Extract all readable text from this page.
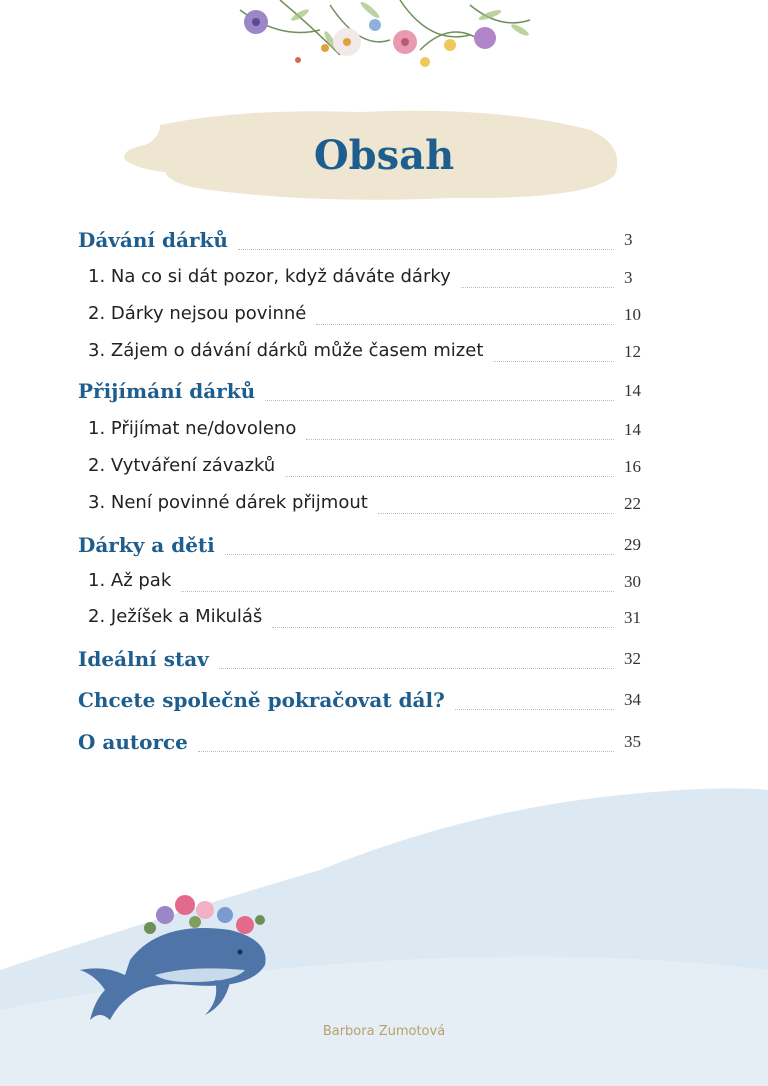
Obsah
Dávání dárků	3
1. Na co si dát pozor, když dáváte dárky	3
2. Dárky nejsou povinné	10
3. Zájem o dávání dárků může časem mizet	12
Přijímání dárků	14
1. Přijímat ne/dovoleno	14
2. Vytváření závazků	16
3. Není povinné dárek přijmout	22
Dárky a děti	29
1. Až pak	30
2. Ježíšek a Mikuláš	31
Ideální stav	32
Chcete společně pokračovat dál?	34
O autorce	35
Barbora Zumotová
